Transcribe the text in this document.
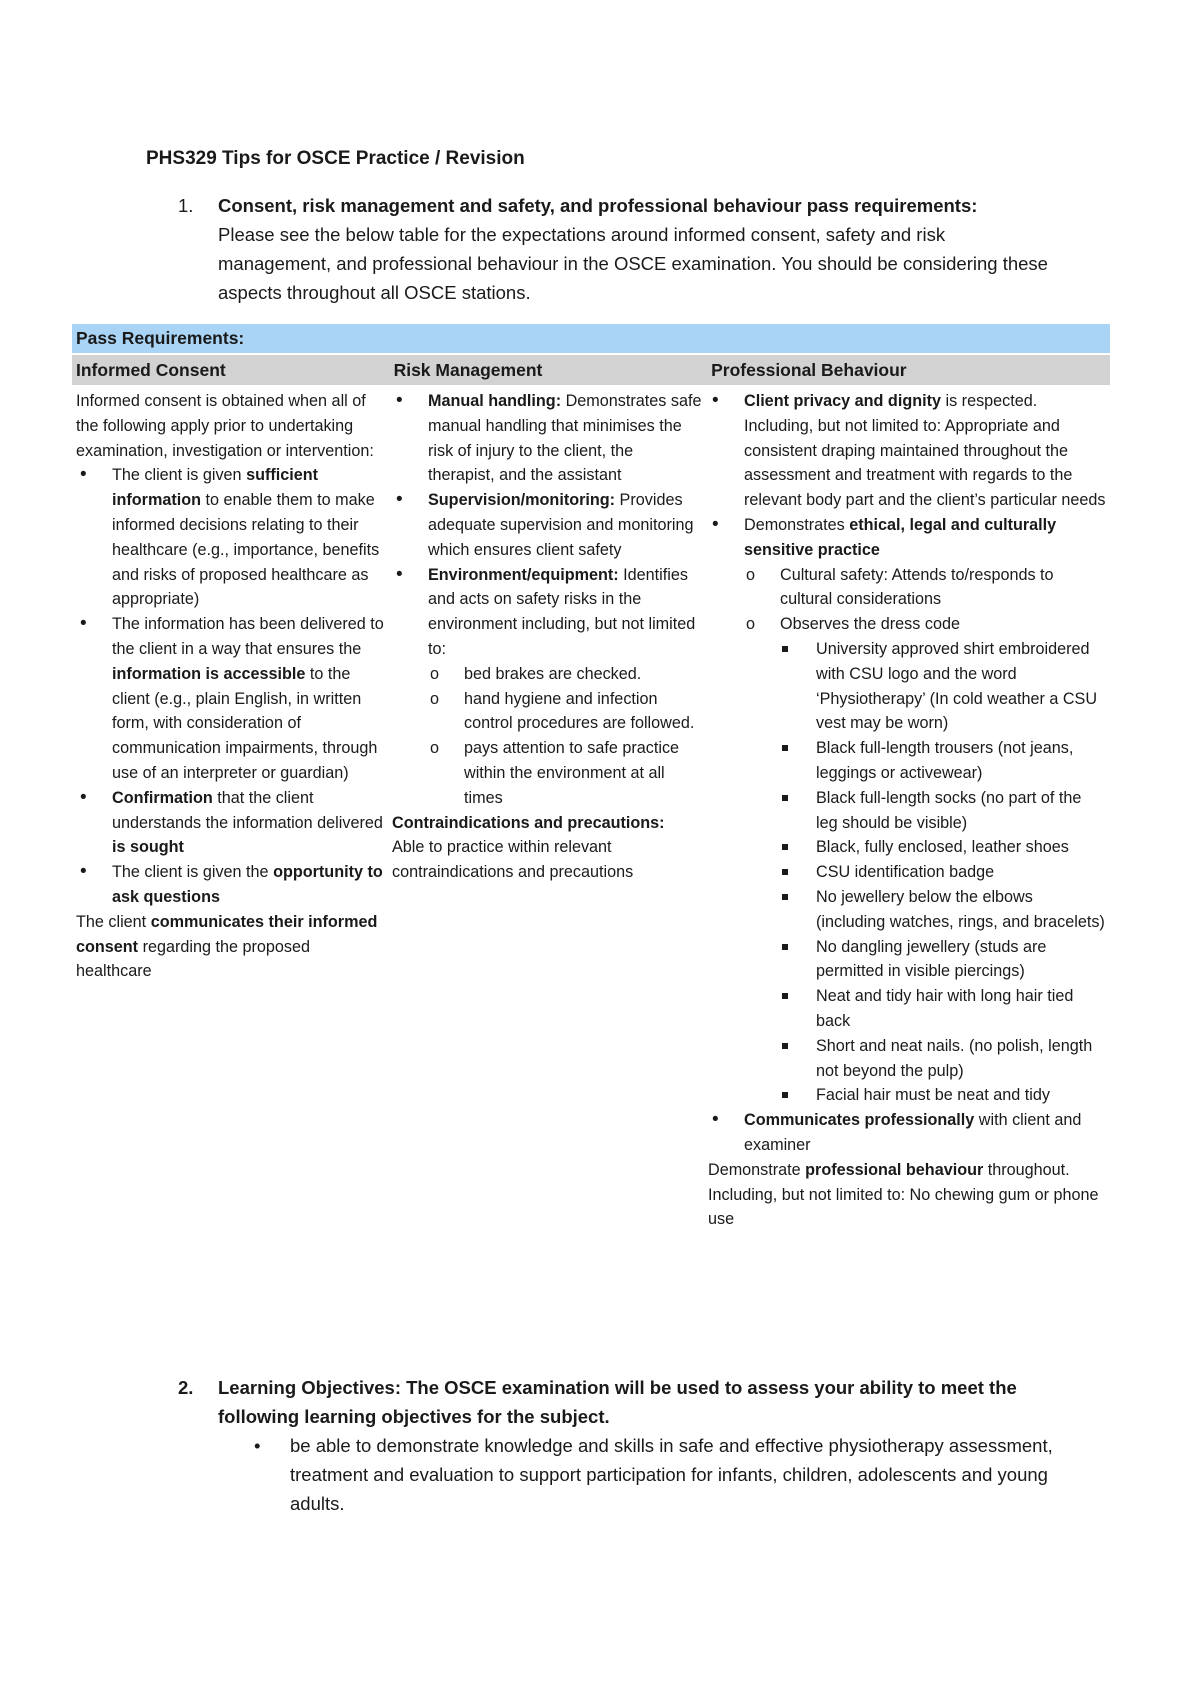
PHS329 Tips for OSCE Practice / Revision
1. Consent, risk management and safety, and professional behaviour pass requirements:
Please see the below table for the expectations around informed consent, safety and risk management, and professional behaviour in the OSCE examination. You should be considering these aspects throughout all OSCE stations.
Pass Requirements:
Informed Consent	Risk Management	Professional Behaviour

Informed consent is obtained when all of the following apply prior to undertaking examination, investigation or intervention:

• The client is given sufficient information to enable them to make informed decisions relating to their healthcare (e.g., importance, benefits and risks of proposed healthcare as appropriate)
• The information has been delivered to the client in a way that ensures the information is accessible to the client (e.g., plain English, in written form, with consideration of communication impairments, through use of an interpreter or guardian)
• Confirmation that the client understands the information delivered is sought
• The client is given the opportunity to ask questions

The client communicates their informed consent regarding the proposed healthcare

• Manual handling: Demonstrates safe manual handling that minimises the risk of injury to the client, the therapist, and the assistant
• Supervision/monitoring: Provides adequate supervision and monitoring which ensures client safety
• Environment/equipment: Identifies and acts on safety risks in the environment including, but not limited to:
o bed brakes are checked.
o hand hygiene and infection control procedures are followed.
o pays attention to safe practice within the environment at all times

Contraindications and precautions:

Able to practice within relevant contraindications and precautions

• Client privacy and dignity is respected. Including, but not limited to: Appropriate and consistent draping maintained throughout the assessment and treatment with regards to the relevant body part and the client’s particular needs
• Demonstrates ethical, legal and culturally sensitive practice
o Cultural safety: Attends to/responds to cultural considerations
o Observes the dress code
University approved shirt embroidered with CSU logo and the word ‘Physiotherapy’ (In cold weather a CSU vest may be worn)
Black full-length trousers (not jeans, leggings or activewear)
Black full-length socks (no part of the leg should be visible)
Black, fully enclosed, leather shoes
CSU identification badge
No jewellery below the elbows (including watches, rings, and bracelets)
No dangling jewellery (studs are permitted in visible piercings)
Neat and tidy hair with long hair tied back
Short and neat nails. (no polish, length not beyond the pulp)
Facial hair must be neat and tidy
• Communicates professionally with client and examiner

Demonstrate professional behaviour throughout. Including, but not limited to: No chewing gum or phone use

2. Learning Objectives: The OSCE examination will be used to assess your ability to meet the following learning objectives for the subject.
• be able to demonstrate knowledge and skills in safe and effective physiotherapy assessment, treatment and evaluation to support participation for infants, children, adolescents and young adults.
